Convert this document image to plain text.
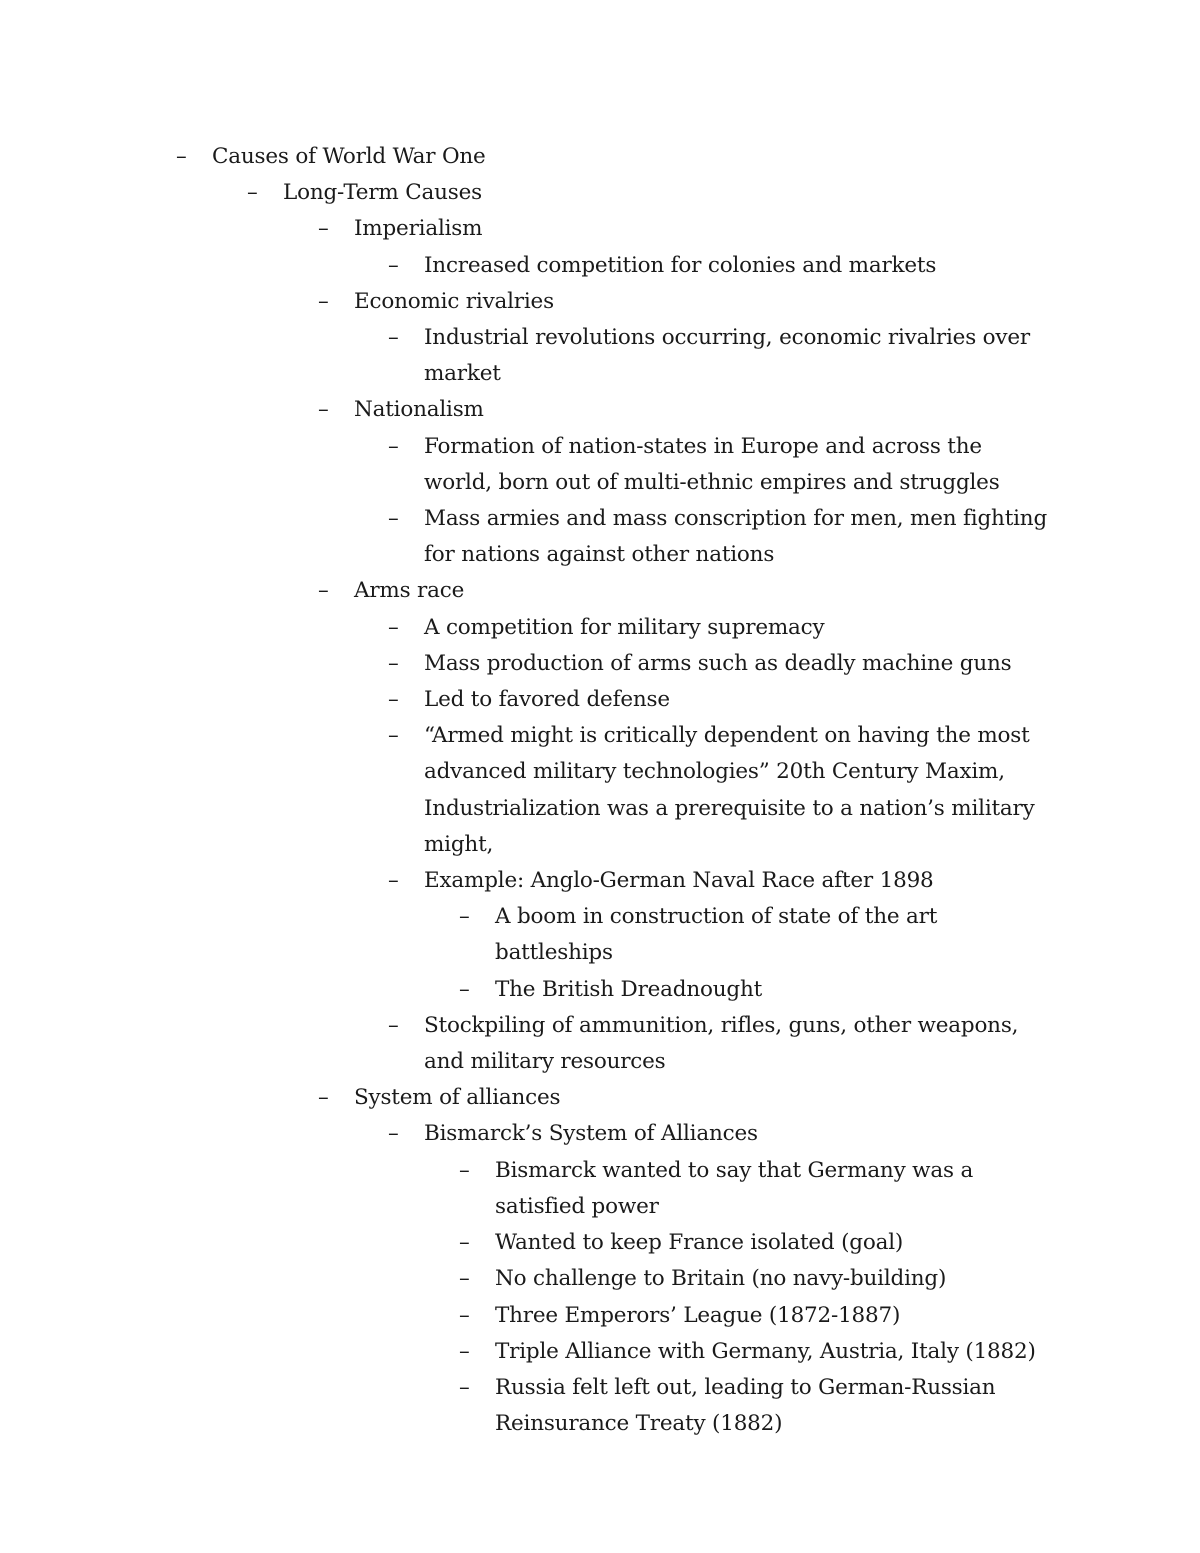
– Causes of World War One
– Long-Term Causes
– Imperialism
– Increased competition for colonies and markets
– Economic rivalries
– Industrial revolutions occurring, economic rivalries over market
– Nationalism
– Formation of nation-states in Europe and across the world, born out of multi-ethnic empires and struggles
– Mass armies and mass conscription for men, men fighting for nations against other nations
– Arms race
– A competition for military supremacy
– Mass production of arms such as deadly machine guns
– Led to favored defense
– “Armed might is critically dependent on having the most advanced military technologies” 20th Century Maxim, Industrialization was a prerequisite to a nation’s military might,
– Example: Anglo-German Naval Race after 1898
– A boom in construction of state of the art battleships
– The British Dreadnought
– Stockpiling of ammunition, rifles, guns, other weapons, and military resources
– System of alliances
– Bismarck’s System of Alliances
– Bismarck wanted to say that Germany was a satisfied power
– Wanted to keep France isolated (goal)
– No challenge to Britain (no navy-building)
– Three Emperors’ League (1872-1887)
– Triple Alliance with Germany, Austria, Italy (1882)
– Russia felt left out, leading to German-Russian Reinsurance Treaty (1882)
